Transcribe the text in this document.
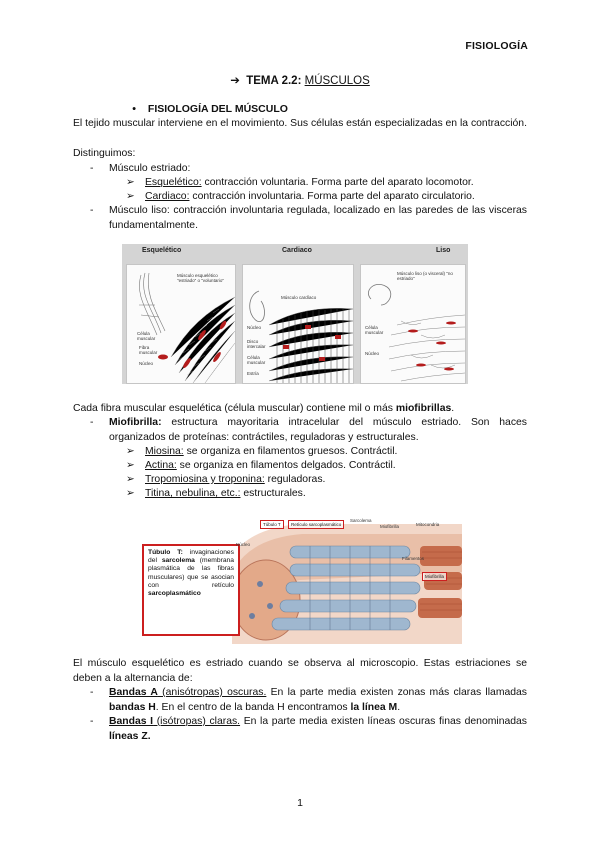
FISIOLOGÍA
➔ TEMA 2.2: MÚSCULOS
● FISIOLOGÍA DEL MÚSCULO
El tejido muscular interviene en el movimiento. Sus células están especializadas en la contracción.
Distinguimos:
- Músculo estriado:
➢ Esquelético: contracción voluntaria. Forma parte del aparato locomotor.
➢ Cardiaco: contracción involuntaria. Forma parte del aparato circulatorio.
- Músculo liso: contracción involuntaria regulada, localizado en las paredes de las visceras fundamentalmente.
Músculo esquelético "estriado" o "voluntario"
Célula muscular
Fibra muscular
Núcleo
Esquelético
Músculo cardíaco
Núcleo
Disco intercalar
Célula muscular
Estría
Cardiaco
Músculo liso (o visceral) "no estriado"
Célula muscular
Núcleo
Liso
Cada fibra muscular esquelética (célula muscular) contiene mil o más miofibrillas.
- Miofibrilla: estructura mayoritaria intracelular del músculo estriado. Son haces organizados de proteínas: contráctiles, reguladoras y estructurales.
➢ Miosina: se organiza en filamentos gruesos. Contráctil.
➢ Actina: se organiza en filamentos delgados. Contráctil.
➢ Tropomiosina y troponina: reguladoras.
➢ Titina, nebulina, etc.: estructurales.
Túbulo T: invaginaciones del sarcolema (membrana plasmática de las fibras musculares) que se asocian con retículo sarcoplasmático
Túbulo T	Retículo sarcoplasmático
Sarcolema
Miofibrilla	Mitocondria
Filamentos
Núcleo
Miofibrilla
El músculo esquelético es estriado cuando se observa al microscopio. Estas estriaciones se deben a la alternancia de:
- Bandas A (anisótropas) oscuras. En la parte media existen zonas más claras llamadas bandas H. En el centro de la banda H encontramos la línea M.
- Bandas I (isótropas) claras. En la parte media existen líneas oscuras finas denominadas líneas Z.
1
